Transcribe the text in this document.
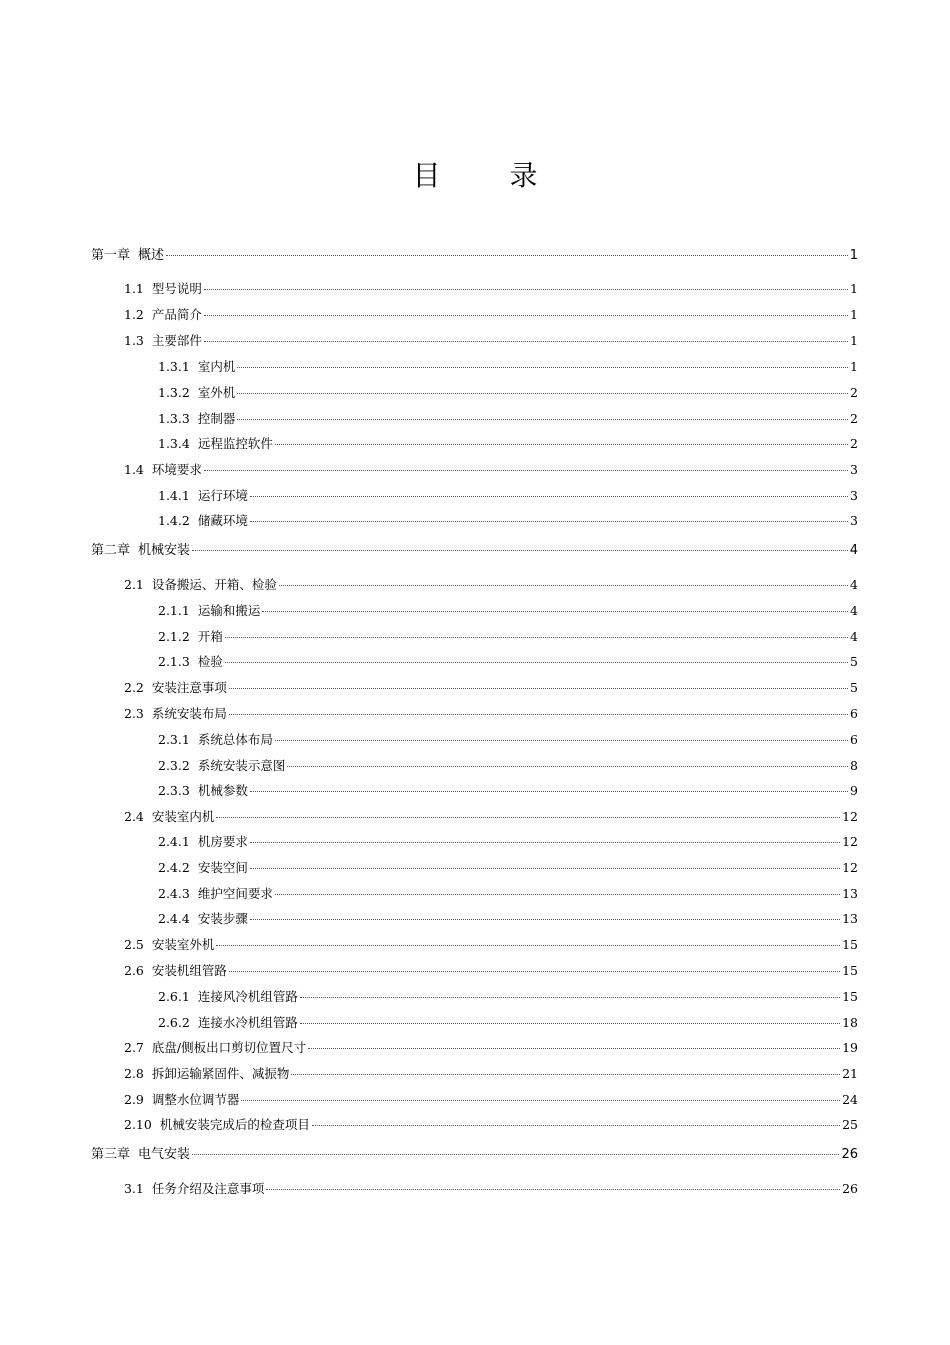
目 录
第一章 概述	1
1.1 型号说明	1
1.2 产品简介	1
1.3 主要部件	1
1.3.1 室内机	1
1.3.2 室外机	2
1.3.3 控制器	2
1.3.4 远程监控软件	2
1.4 环境要求	3
1.4.1 运行环境	3
1.4.2 储藏环境	3
第二章 机械安装	4
2.1 设备搬运、开箱、检验	4
2.1.1 运输和搬运	4
2.1.2 开箱	4
2.1.3 检验	5
2.2 安装注意事项	5
2.3 系统安装布局	6
2.3.1 系统总体布局	6
2.3.2 系统安装示意图	8
2.3.3 机械参数	9
2.4 安装室内机	12
2.4.1 机房要求	12
2.4.2 安装空间	12
2.4.3 维护空间要求	13
2.4.4 安装步骤	13
2.5 安装室外机	15
2.6 安装机组管路	15
2.6.1 连接风冷机组管路	15
2.6.2 连接水冷机组管路	18
2.7 底盘/侧板出口剪切位置尺寸	19
2.8 拆卸运输紧固件、减振物	21
2.9 调整水位调节器	24
2.10 机械安装完成后的检查项目	25
第三章 电气安装	26
3.1 任务介绍及注意事项	26
